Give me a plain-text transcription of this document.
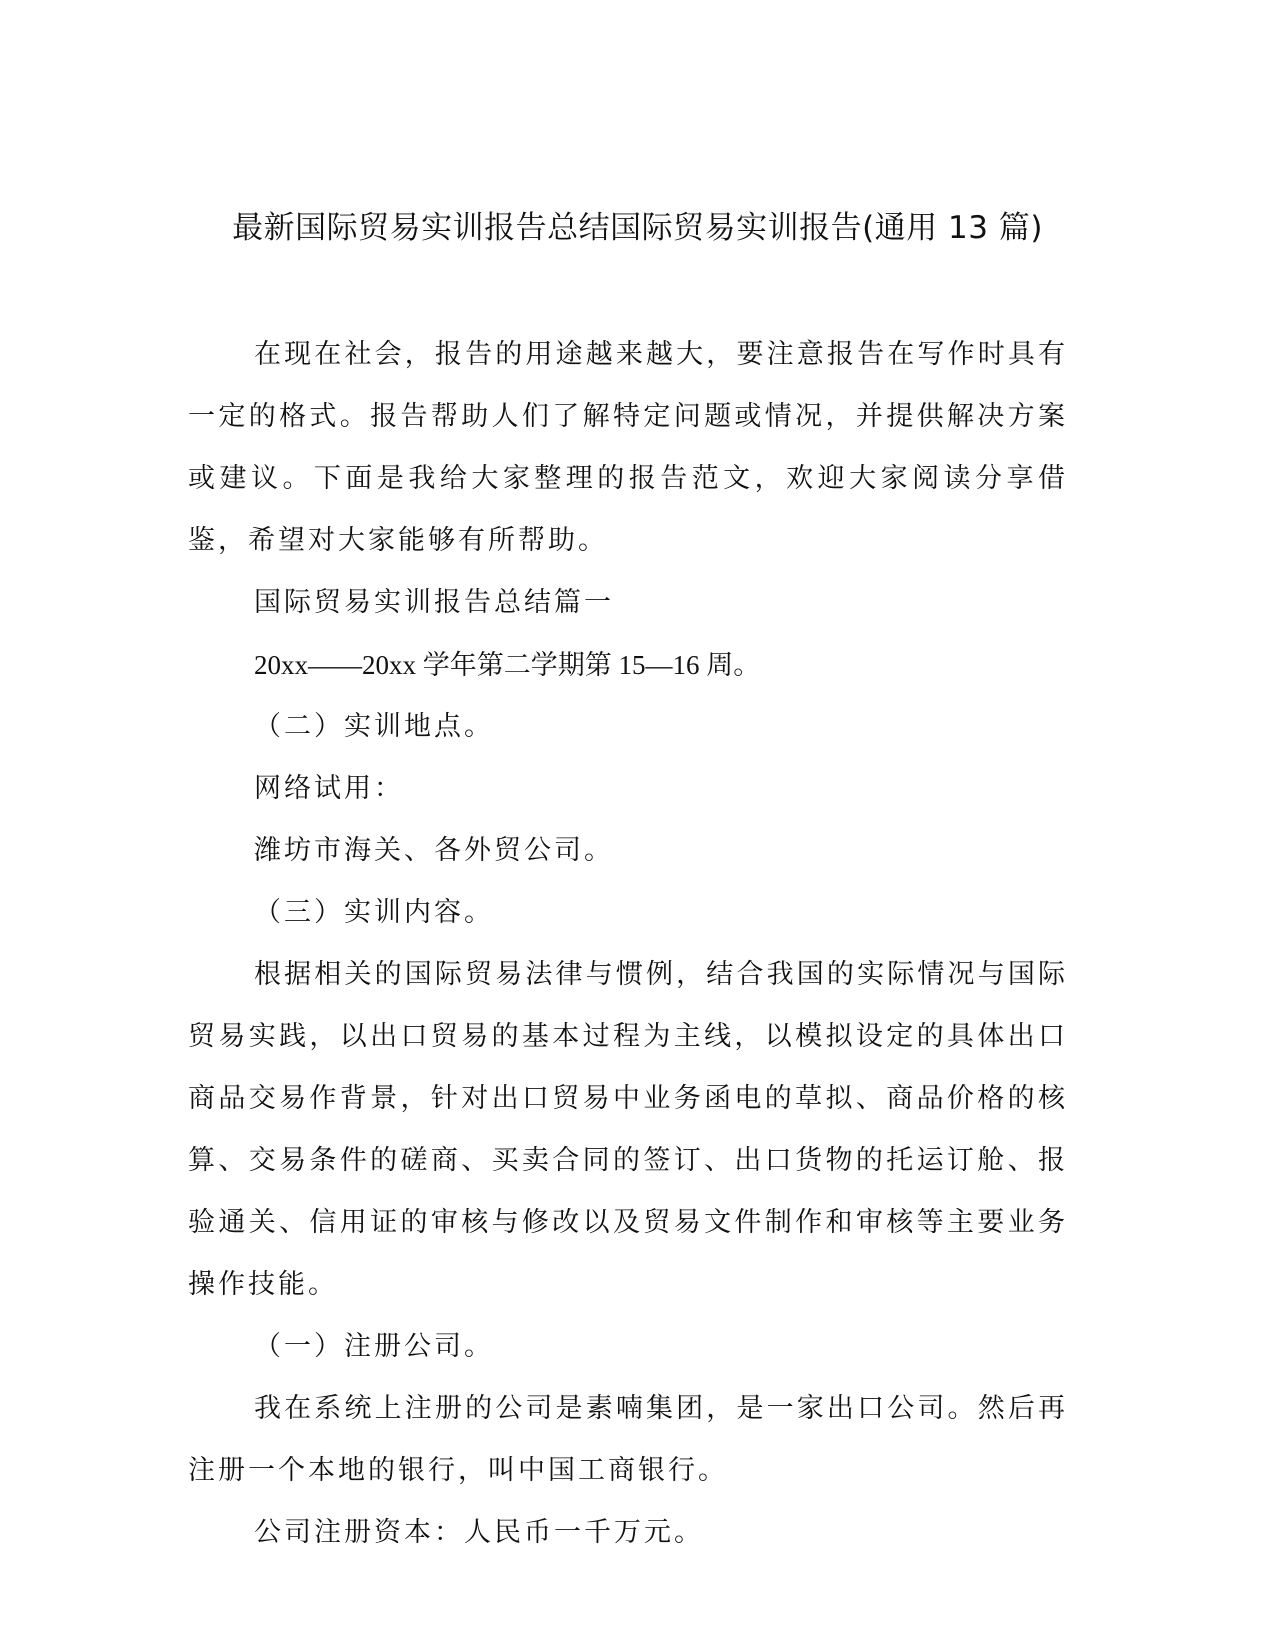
最新国际贸易实训报告总结国际贸易实训报告(通用 13 篇)

在现在社会，报告的用途越来越大，要注意报告在写作时具有一定的格式。报告帮助人们了解特定问题或情况，并提供解决方案或建议。下面是我给大家整理的报告范文，欢迎大家阅读分享借鉴，希望对大家能够有所帮助。

国际贸易实训报告总结篇一

20xx——20xx 学年第二学期第 15—16 周。

（二）实训地点。

网络试用：

潍坊市海关、各外贸公司。

（三）实训内容。

根据相关的国际贸易法律与惯例，结合我国的实际情况与国际贸易实践，以出口贸易的基本过程为主线，以模拟设定的具体出口商品交易作背景，针对出口贸易中业务函电的草拟、商品价格的核算、交易条件的磋商、买卖合同的签订、出口货物的托运订舱、报验通关、信用证的审核与修改以及贸易文件制作和审核等主要业务操作技能。

（一）注册公司。

我在系统上注册的公司是素喃集团，是一家出口公司。然后再注册一个本地的银行，叫中国工商银行。

公司注册资本：人民币一千万元。
